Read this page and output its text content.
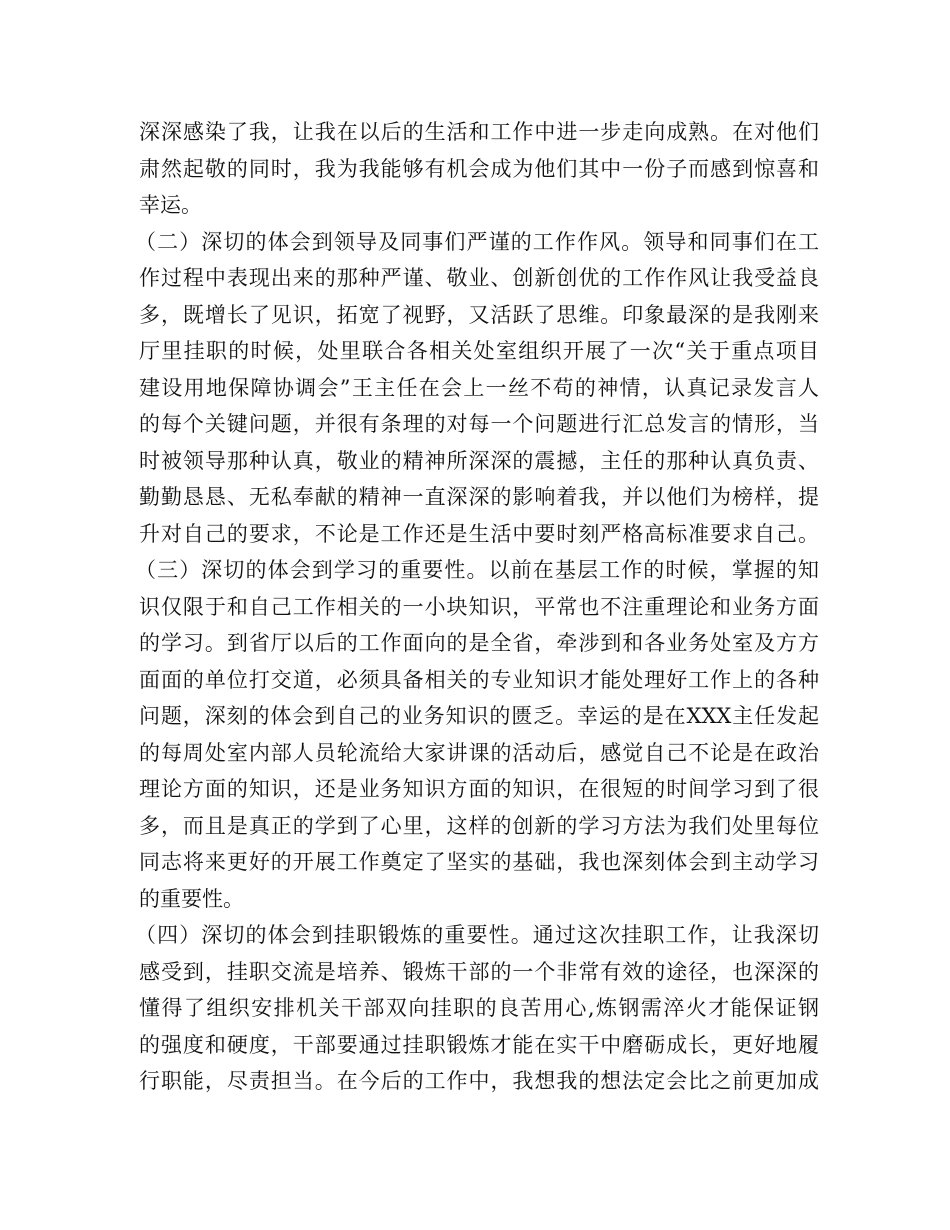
深深感染了我，让我在以后的生活和工作中进一步走向成熟。在对他们
肃然起敬的同时，我为我能够有机会成为他们其中一份子而感到惊喜和
幸运。
（二）深切的体会到领导及同事们严谨的工作作风。领导和同事们在工
作过程中表现出来的那种严谨、敬业、创新创优的工作作风让我受益良
多，既增长了见识，拓宽了视野，又活跃了思维。印象最深的是我刚来
厅里挂职的时候，处里联合各相关处室组织开展了一次“关于重点项目
建设用地保障协调会”王主任在会上一丝不苟的神情，认真记录发言人
的每个关键问题，并很有条理的对每一个问题进行汇总发言的情形，当
时被领导那种认真，敬业的精神所深深的震撼，主任的那种认真负责、
勤勤恳恳、无私奉献的精神一直深深的影响着我，并以他们为榜样，提
升对自己的要求，不论是工作还是生活中要时刻严格高标准要求自己。
（三）深切的体会到学习的重要性。以前在基层工作的时候，掌握的知
识仅限于和自己工作相关的一小块知识，平常也不注重理论和业务方面
的学习。到省厅以后的工作面向的是全省，牵涉到和各业务处室及方方
面面的单位打交道，必须具备相关的专业知识才能处理好工作上的各种
问题，深刻的体会到自己的业务知识的匮乏。幸运的是在XXX主任发起
的每周处室内部人员轮流给大家讲课的活动后，感觉自己不论是在政治
理论方面的知识，还是业务知识方面的知识，在很短的时间学习到了很
多，而且是真正的学到了心里，这样的创新的学习方法为我们处里每位
同志将来更好的开展工作奠定了坚实的基础，我也深刻体会到主动学习
的重要性。
（四）深切的体会到挂职锻炼的重要性。通过这次挂职工作，让我深切
感受到，挂职交流是培养、锻炼干部的一个非常有效的途径，也深深的
懂得了组织安排机关干部双向挂职的良苦用心,炼钢需淬火才能保证钢
的强度和硬度，干部要通过挂职锻炼才能在实干中磨砺成长，更好地履
行职能，尽责担当。在今后的工作中，我想我的想法定会比之前更加成
